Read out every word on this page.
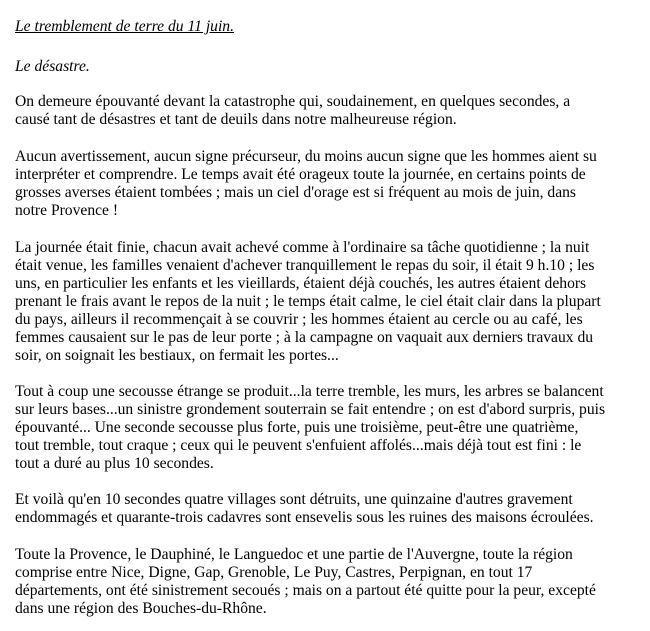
Le tremblement de terre du 11 juin.

Le désastre.

On demeure épouvanté devant la catastrophe qui, soudainement, en quelques secondes, a

causé tant de désastres et tant de deuils dans notre malheureuse région.

Aucun avertissement, aucun signe précurseur, du moins aucun signe que les hommes aient su

interpréter et comprendre. Le temps avait été orageux toute la journée, en certains points de

grosses averses étaient tombées ; mais un ciel d'orage est si fréquent au mois de juin, dans

notre Provence !

La journée était finie, chacun avait achevé comme à l'ordinaire sa tâche quotidienne ; la nuit

était venue, les familles venaient d'achever tranquillement le repas du soir, il était 9 h.10 ; les

uns, en particulier les enfants et les vieillards, étaient déjà couchés, les autres étaient dehors

prenant le frais avant le repos de la nuit ; le temps était calme, le ciel était clair dans la plupart

du pays, ailleurs il recommençait à se couvrir ; les hommes étaient au cercle ou au café, les

femmes causaient sur le pas de leur porte ; à la campagne on vaquait aux derniers travaux du

soir, on soignait les bestiaux, on fermait les portes...

Tout à coup une secousse étrange se produit...la terre tremble, les murs, les arbres se balancent

sur leurs bases...un sinistre grondement souterrain se fait entendre ; on est d'abord surpris, puis

épouvanté... Une seconde secousse plus forte, puis une troisième, peut-être une quatrième,

tout tremble, tout craque ; ceux qui le peuvent s'enfuient affolés...mais déjà tout est fini : le

tout a duré au plus 10 secondes.

Et voilà qu'en 10 secondes quatre villages sont détruits, une quinzaine d'autres gravement

endommagés et quarante-trois cadavres sont ensevelis sous les ruines des maisons écroulées.

Toute la Provence, le Dauphiné, le Languedoc et une partie de l'Auvergne, toute la région

comprise entre Nice, Digne, Gap, Grenoble, Le Puy, Castres, Perpignan, en tout 17

départements, ont été sinistrement secoués ; mais on a partout été quitte pour la peur, excepté

dans une région des Bouches-du-Rhône.
